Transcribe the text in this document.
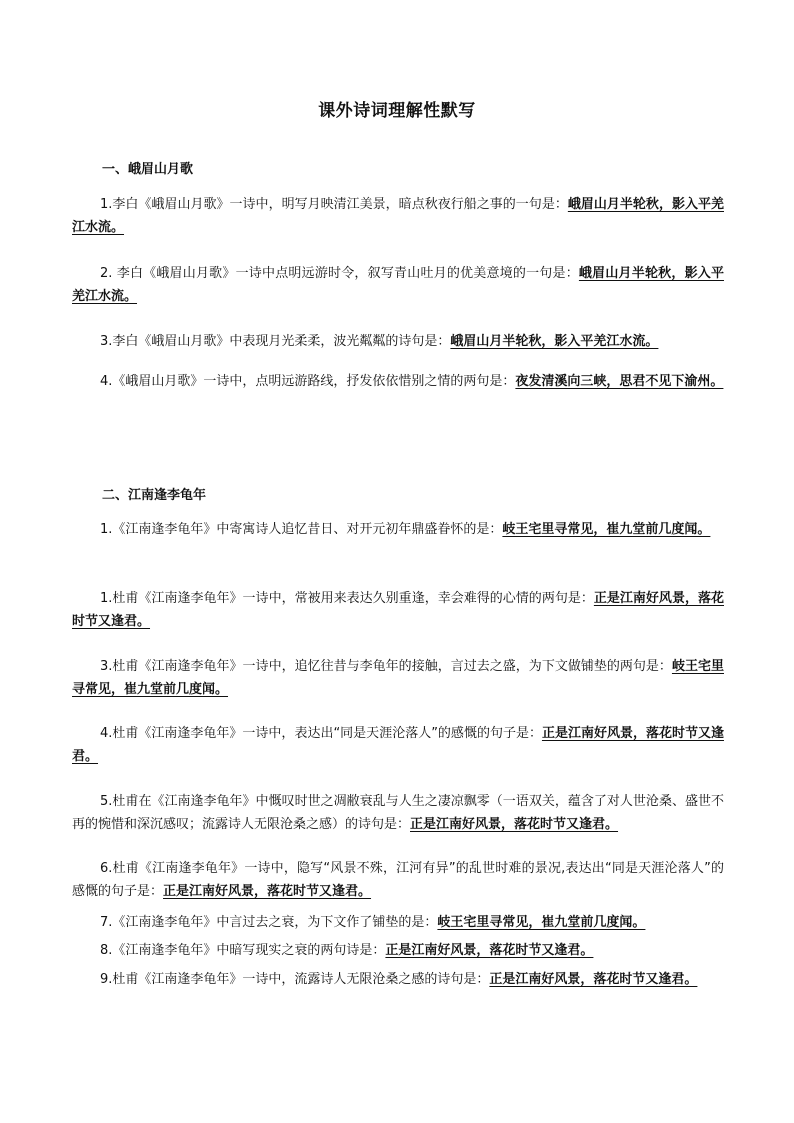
课外诗词理解性默写
一、峨眉山月歌
1.李白《峨眉山月歌》一诗中，明写月映清江美景，暗点秋夜行船之事的一句是：峨眉山月半轮秋，影入平羌江水流。
2. 李白《峨眉山月歌》一诗中点明远游时令，叙写青山吐月的优美意境的一句是：峨眉山月半轮秋，影入平羌江水流。
3.李白《峨眉山月歌》中表现月光柔柔，波光粼粼的诗句是：峨眉山月半轮秋，影入平羌江水流。
4.《峨眉山月歌》一诗中，点明远游路线，抒发依依惜别之情的两句是：夜发清溪向三峡，思君不见下渝州。
二、江南逢李龟年
1.《江南逢李龟年》中寄寓诗人追忆昔日、对开元初年鼎盛眷怀的是：岐王宅里寻常见，崔九堂前几度闻。
1.杜甫《江南逢李龟年》一诗中，常被用来表达久别重逢，幸会难得的心情的两句是：正是江南好风景，落花时节又逢君。
3.杜甫《江南逢李龟年》一诗中，追忆往昔与李龟年的接触，言过去之盛，为下文做铺垫的两句是：岐王宅里寻常见，崔九堂前几度闻。
4.杜甫《江南逢李龟年》一诗中，表达出“同是天涯沦落人”的感慨的句子是：正是江南好风景，落花时节又逢君。
5.杜甫在《江南逢李龟年》中慨叹时世之凋敝衰乱与人生之凄凉飘零（一语双关，蕴含了对人世沧桑、盛世不再的惋惜和深沉感叹；流露诗人无限沧桑之感）的诗句是：正是江南好风景，落花时节又逢君。
6.杜甫《江南逢李龟年》一诗中，隐写“风景不殊，江河有异”的乱世时难的景况,表达出“同是天涯沦落人”的感慨的句子是：正是江南好风景，落花时节又逢君。
7.《江南逢李龟年》中言过去之衰，为下文作了铺垫的是：岐王宅里寻常见，崔九堂前几度闻。
8.《江南逢李龟年》中暗写现实之衰的两句诗是：正是江南好风景，落花时节又逢君。
9.杜甫《江南逢李龟年》一诗中，流露诗人无限沧桑之感的诗句是：正是江南好风景，落花时节又逢君。
